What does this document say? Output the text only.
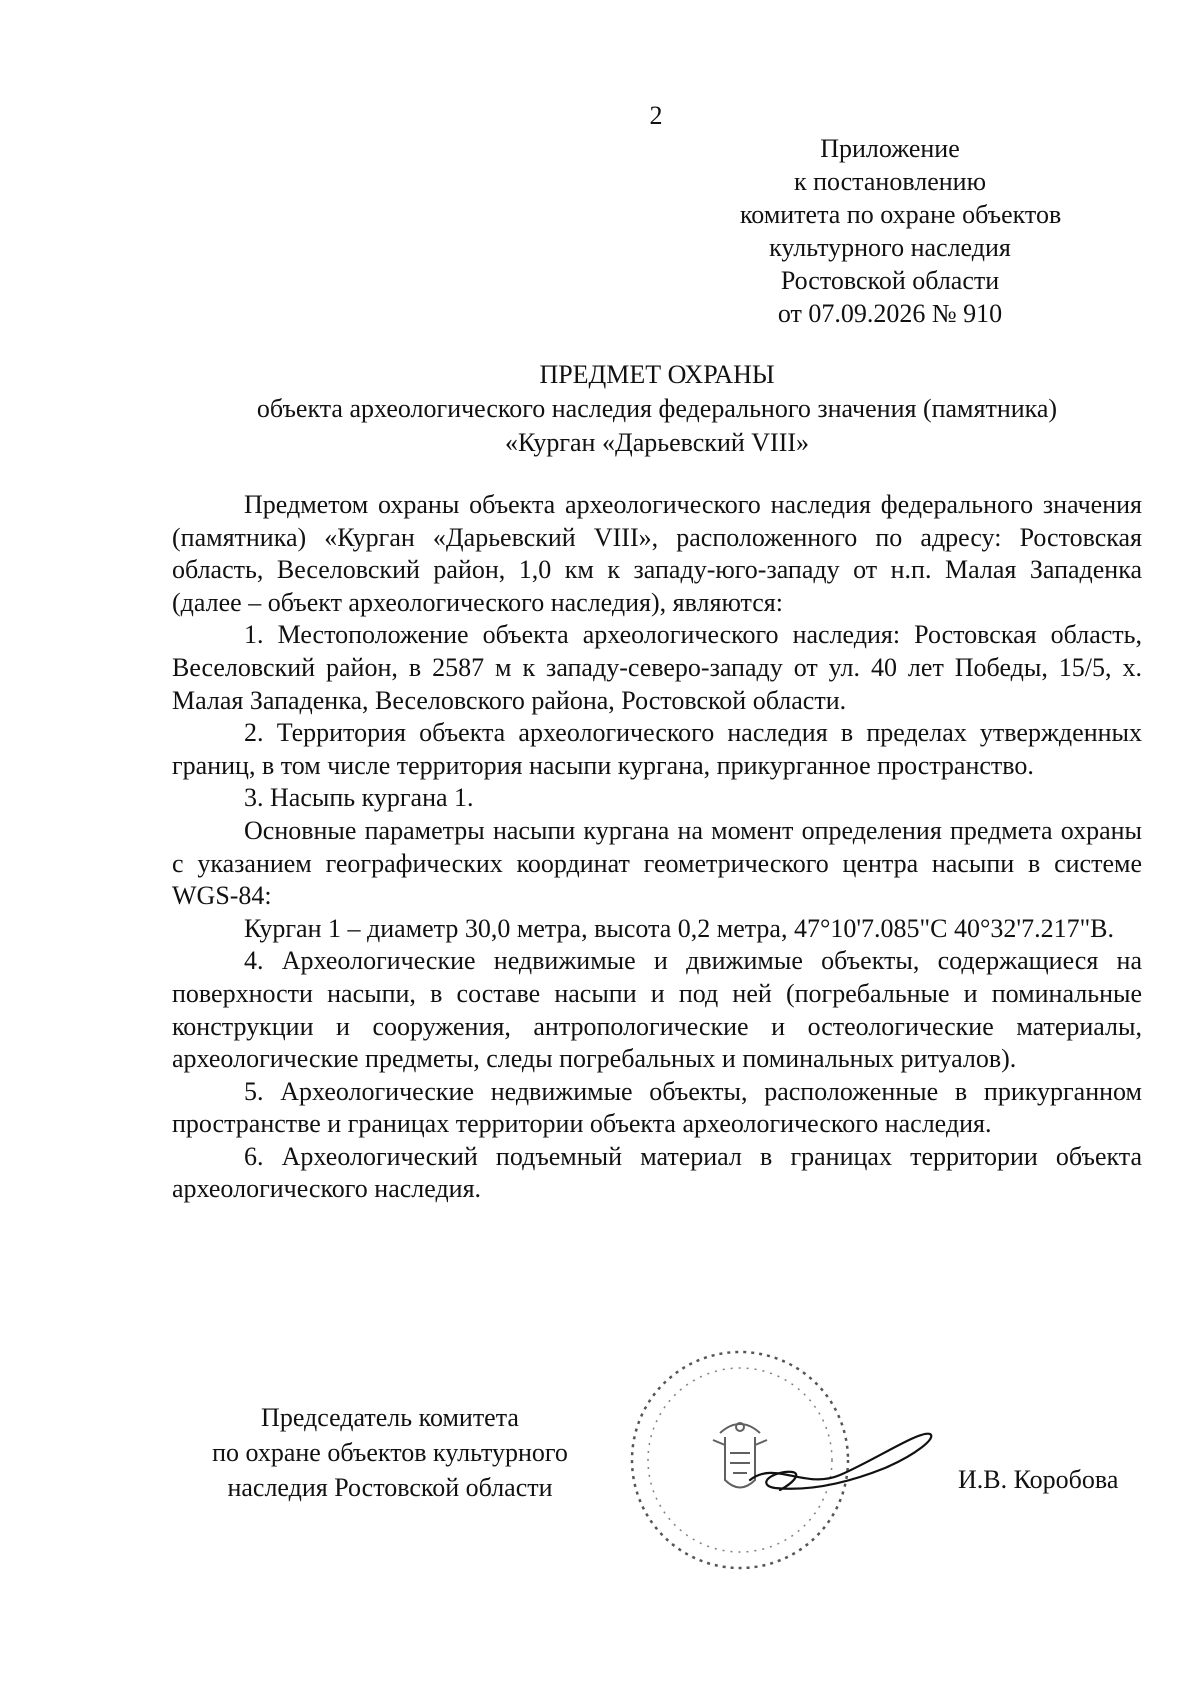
2
Приложение
к постановлению
комитета по охране объектов
культурного наследия
Ростовской области
от 07.09.2026 № 910
ПРЕДМЕТ ОХРАНЫ
объекта археологического наследия федерального значения (памятника)
«Курган «Дарьевский VIII»

Предметом охраны объекта археологического наследия федерального значения (памятника) «Курган «Дарьевский VIII», расположенного по адресу: Ростовская область, Веселовский район, 1,0 км к западу-юго-западу от н.п. Малая Западенка (далее – объект археологического наследия), являются:

1. Местоположение объекта археологического наследия: Ростовская область, Веселовский район, в 2587 м к западу-северо-западу от ул. 40 лет Победы, 15/5, х. Малая Западенка, Веселовского района, Ростовской области.

2. Территория объекта археологического наследия в пределах утвержденных границ, в том числе территория насыпи кургана, прикурганное пространство.

3. Насыпь кургана 1.

Основные параметры насыпи кургана на момент определения предмета охраны с указанием географических координат геометрического центра насыпи в системе WGS-84:

Курган 1 – диаметр 30,0 метра, высота 0,2 метра, 47°10'7.085"С 40°32'7.217"В.

4. Археологические недвижимые и движимые объекты, содержащиеся на поверхности насыпи, в составе насыпи и под ней (погребальные и поминальные конструкции и сооружения, антропологические и остеологические материалы, археологические предметы, следы погребальных и поминальных ритуалов).

5. Археологические недвижимые объекты, расположенные в прикурганном пространстве и границах территории объекта археологического наследия.

6. Археологический подъемный материал в границах территории объекта археологического наследия.

Председатель комитета
по охране объектов культурного
наследия Ростовской области	И.В. Коробова
